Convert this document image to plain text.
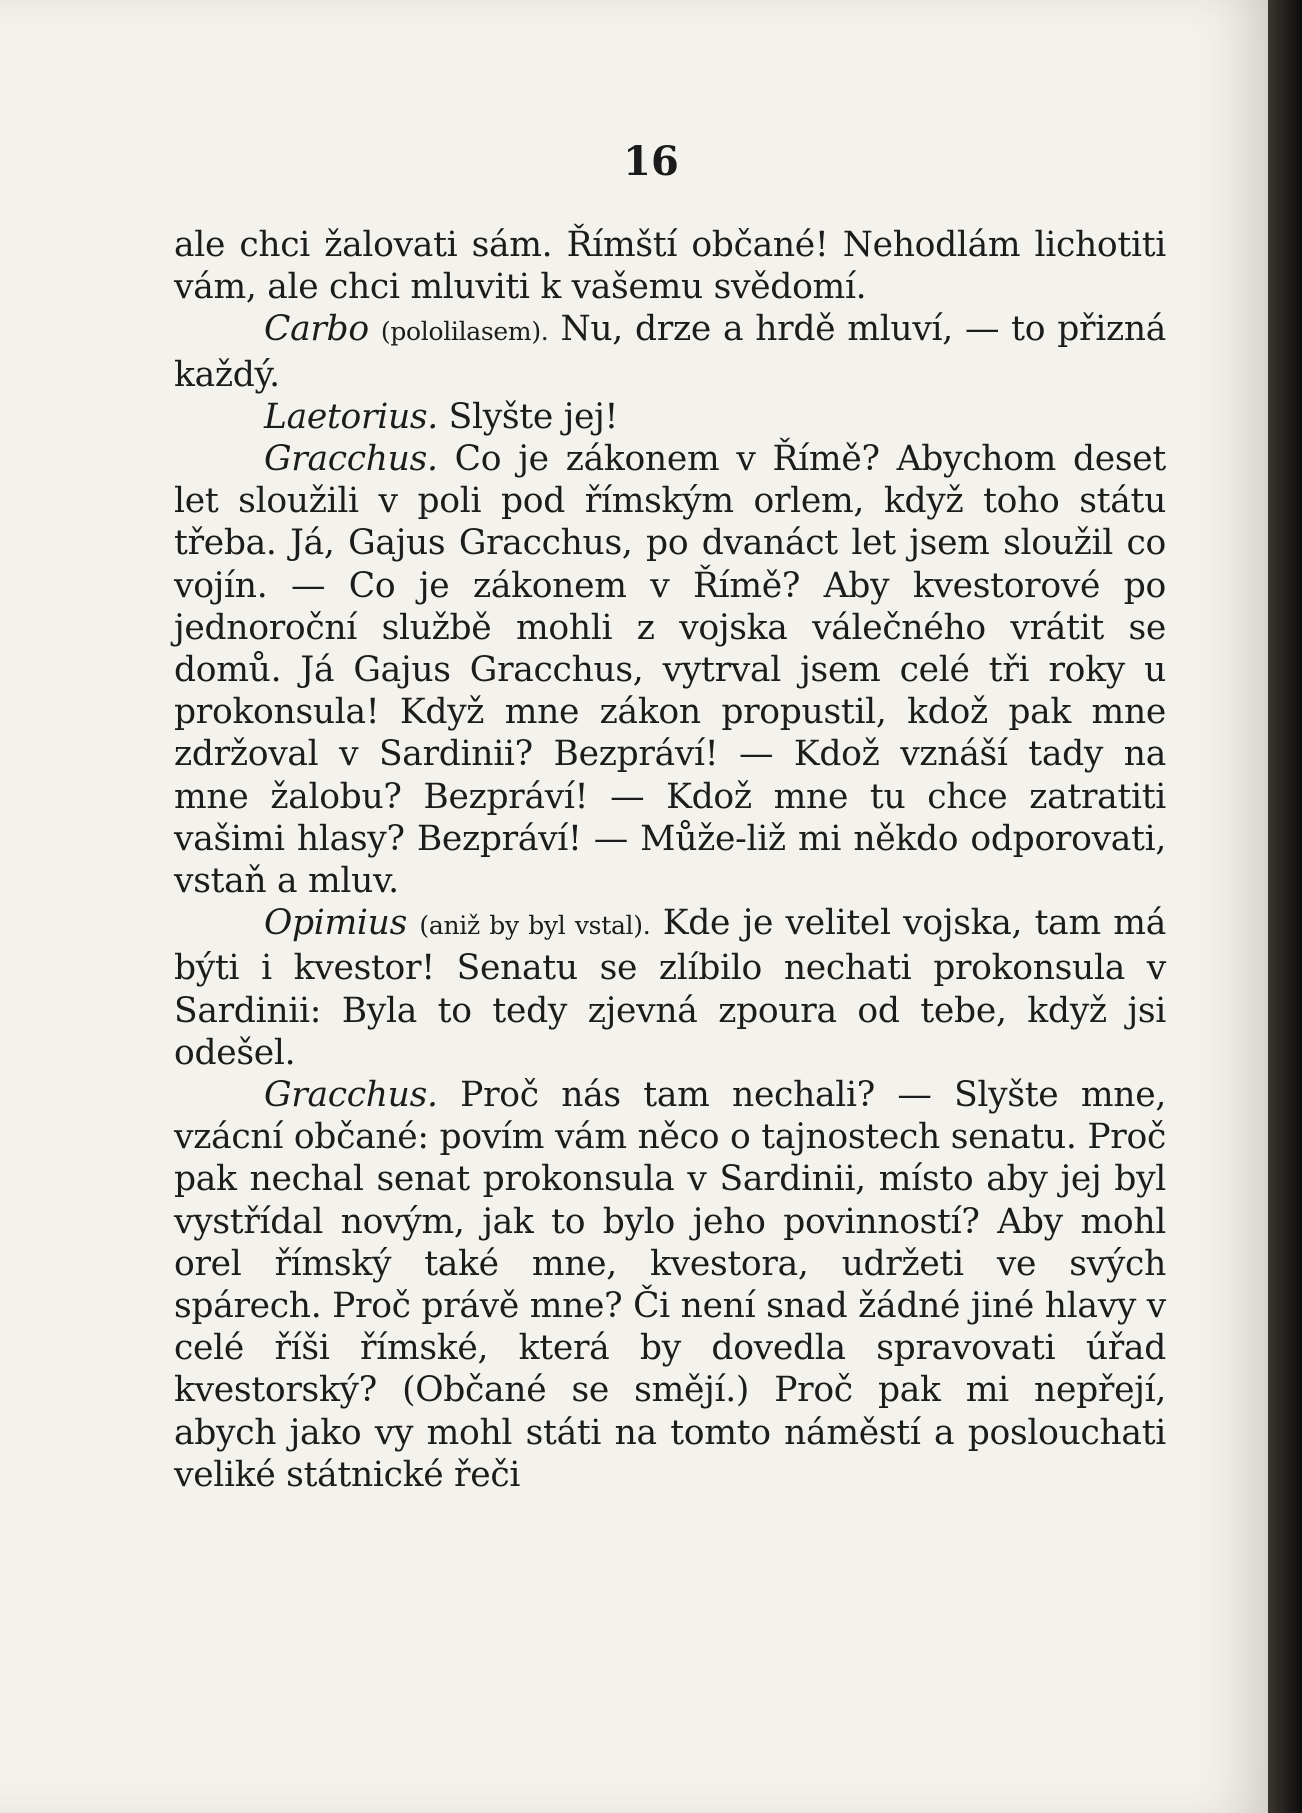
16

ale chci žalovati sám. Římští občané! Nehodlám lichotiti vám, ale chci mluviti k vašemu svědomí.

Carbo (pololilasem). Nu, drze a hrdě mluví, — to přizná každý.

Laetorius. Slyšte jej!

Gracchus. Co je zákonem v Římě? Abychom deset let sloužili v poli pod římským orlem, když toho státu třeba. Já, Gajus Gracchus, po dvanáct let jsem sloužil co vojín. — Co je zákonem v Římě? Aby kvestorové po jednoroční službě mohli z vojska válečného vrátit se domů. Já Gajus Gracchus, vytrval jsem celé tři roky u prokonsula! Když mne zákon propustil, kdož pak mne zdržoval v Sardinii? Bezpráví! — Kdož vznáší tady na mne žalobu? Bezpráví! — Kdož mne tu chce zatratiti vašimi hlasy? Bezpráví! — Může-liž mi někdo odporovati, vstaň a mluv.

Opimius (aniž by byl vstal). Kde je velitel vojska, tam má býti i kvestor! Senatu se zlíbilo nechati prokonsula v Sardinii: Byla to tedy zjevná zpoura od tebe, když jsi odešel.

Gracchus. Proč nás tam nechali? — Slyšte mne, vzácní občané: povím vám něco o tajnostech senatu. Proč pak nechal senat prokonsula v Sardinii, místo aby jej byl vystřídal novým, jak to bylo jeho povinností? Aby mohl orel římský také mne, kvestora, udržeti ve svých spárech. Proč právě mne? Či není snad žádné jiné hlavy v celé říši římské, která by dovedla spravovati úřad kvestorský? (Občané se smějí.) Proč pak mi nepřejí, abych jako vy mohl státi na tomto náměstí a poslouchati veliké státnické řeči
